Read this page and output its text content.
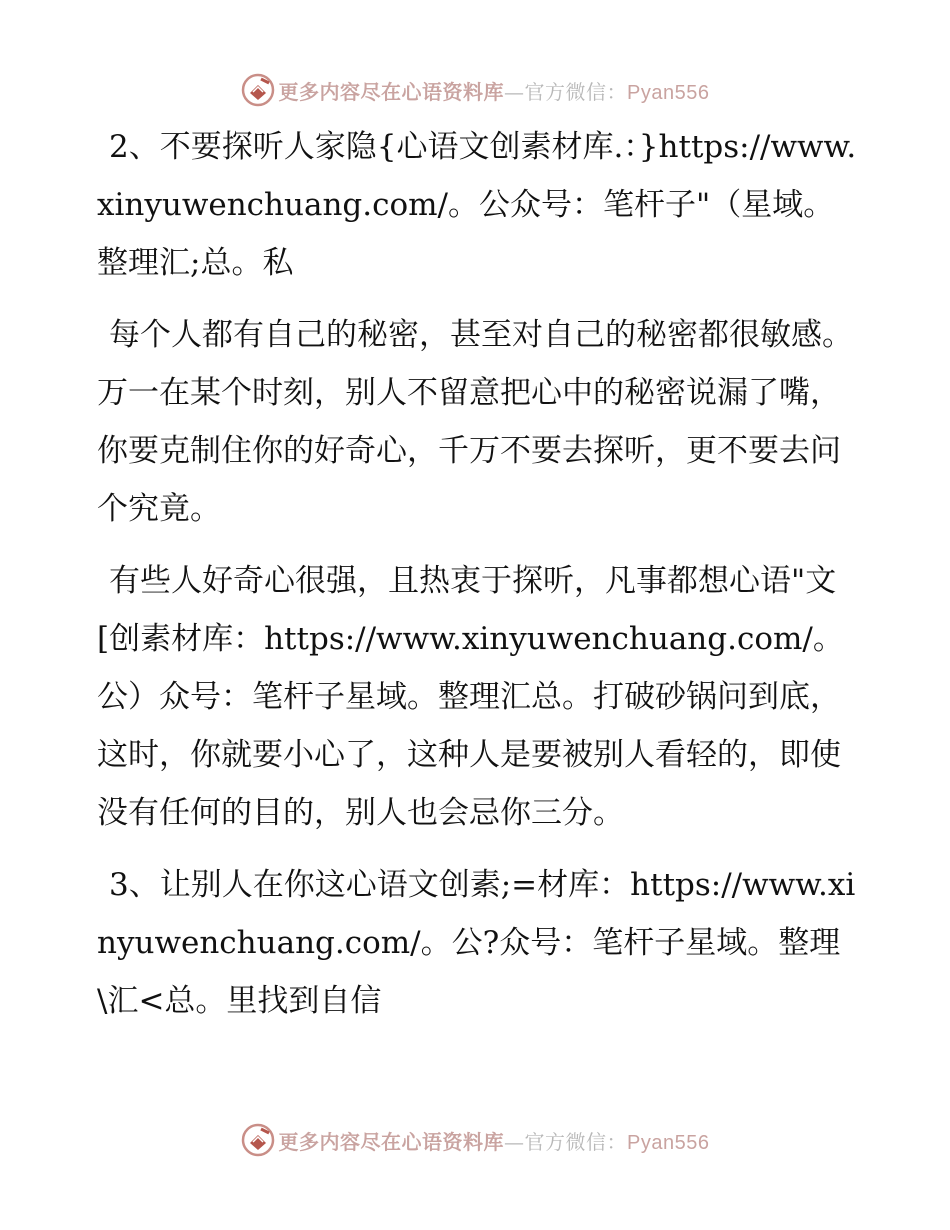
更多内容尽在心语资料库—官方微信：Pyan556

2、不要探听人家隐{心语文创素材库.：}https://www.xinyuwenchuang.com/。公众号：笔杆子"（星域。整理汇;总。私

每个人都有自己的秘密，甚至对自己的秘密都很敏感。万一在某个时刻，别人不留意把心中的秘密说漏了嘴，你要克制住你的好奇心，千万不要去探听，更不要去问个究竟。

有些人好奇心很强，且热衷于探听，凡事都想心语"文[创素材库：https://www.xinyuwenchuang.com/。公）众号：笔杆子星域。整理汇总。打破砂锅问到底，这时，你就要小心了，这种人是要被别人看轻的，即使没有任何的目的，别人也会忌你三分。

3、让别人在你这心语文创素;=材库：https://www.xinyuwenchuang.com/。公?众号：笔杆子星域。整理\汇<总。里找到自信

更多内容尽在心语资料库—官方微信：Pyan556
